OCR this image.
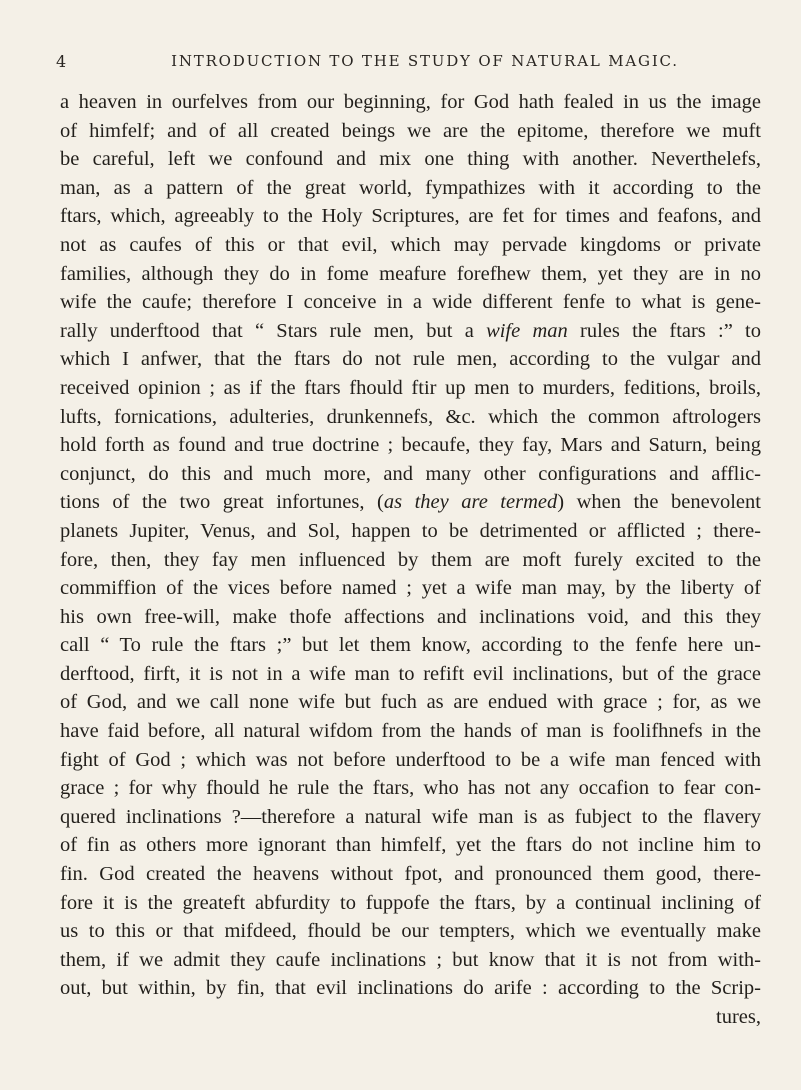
4	INTRODUCTION TO THE STUDY OF NATURAL MAGIC.
a heaven in ourfelves from our beginning, for God hath fealed in us the image
of himfelf; and of all created beings we are the epitome, therefore we muft
be careful, left we confound and mix one thing with another. Neverthelefs,
man, as a pattern of the great world, fympathizes with it according to the
ftars, which, agreeably to the Holy Scriptures, are fet for times and feafons, and
not as caufes of this or that evil, which may pervade kingdoms or private
families, although they do in fome meafure forefhew them, yet they are in no
wife the caufe; therefore I conceive in a wide different fenfe to what is gene-
rally underftood that “ Stars rule men, but a wife man rules the ftars :” to
which I anfwer, that the ftars do not rule men, according to the vulgar and
received opinion ; as if the ftars fhould ftir up men to murders, feditions, broils,
lufts, fornications, adulteries, drunkennefs, &c. which the common aftrologers
hold forth as found and true doctrine ; becaufe, they fay, Mars and Saturn, being
conjunct, do this and much more, and many other configurations and afflic-
tions of the two great infortunes, (as they are termed) when the benevolent
planets Jupiter, Venus, and Sol, happen to be detrimented or afflicted ; there-
fore, then, they fay men influenced by them are moft furely excited to the
commiffion of the vices before named ; yet a wife man may, by the liberty of
his own free-will, make thofe affections and inclinations void, and this they
call “ To rule the ftars ;” but let them know, according to the fenfe here un-
derftood, firft, it is not in a wife man to refift evil inclinations, but of the grace
of God, and we call none wife but fuch as are endued with grace ; for, as we
have faid before, all natural wifdom from the hands of man is foolifhnefs in the
fight of God ; which was not before underftood to be a wife man fenced with
grace ; for why fhould he rule the ftars, who has not any occafion to fear con-
quered inclinations ?—therefore a natural wife man is as fubject to the flavery
of fin as others more ignorant than himfelf, yet the ftars do not incline him to
fin. God created the heavens without fpot, and pronounced them good, there-
fore it is the greateft abfurdity to fuppofe the ftars, by a continual inclining of
us to this or that mifdeed, fhould be our tempters, which we eventually make
them, if we admit they caufe inclinations ; but know that it is not from with-
out, but within, by fin, that evil inclinations do arife : according to the Scrip-
tures,
